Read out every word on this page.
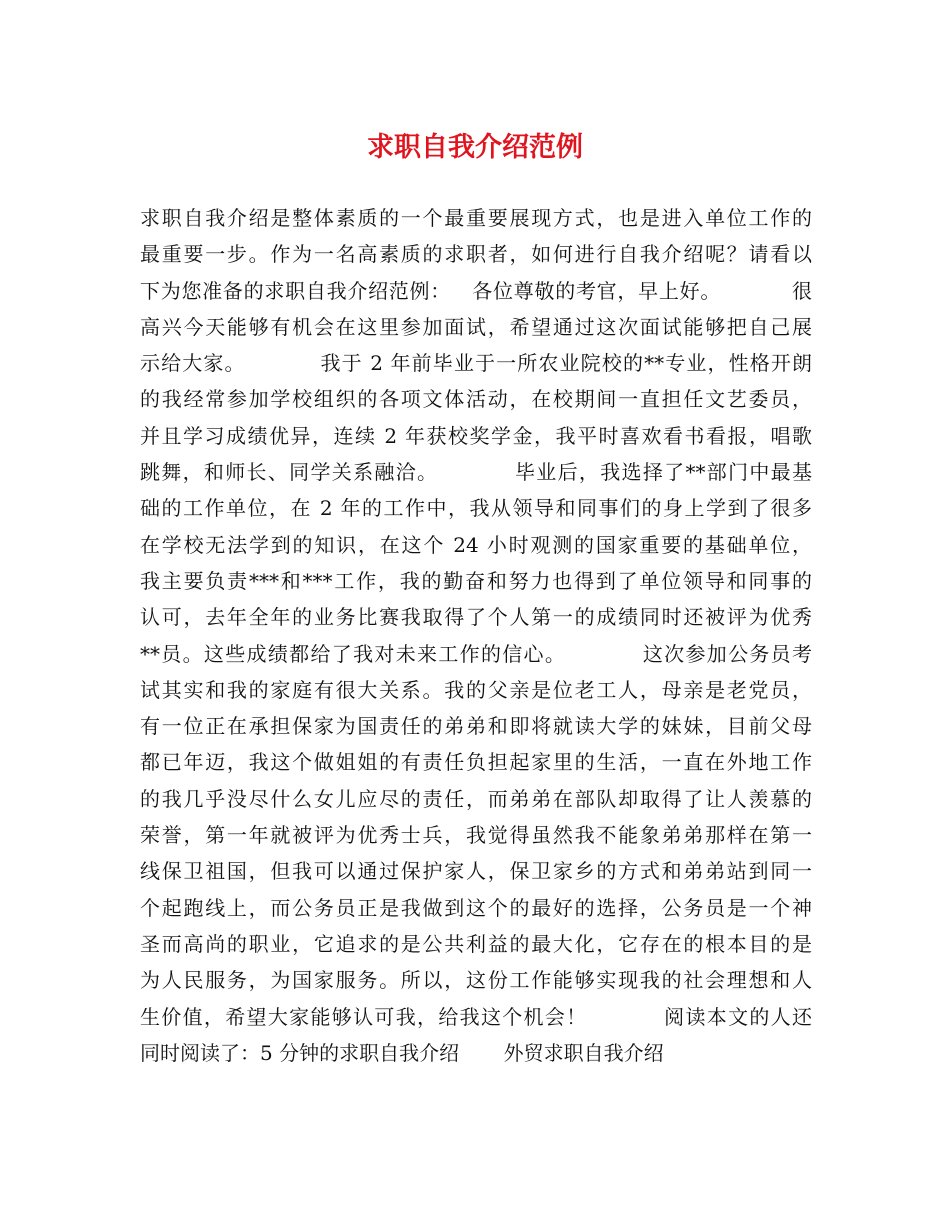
求职自我介绍范例
求职自我介绍是整体素质的一个最重要展现方式，也是进入单位工作的
最重要一步。作为一名高素质的求职者，如何进行自我介绍呢？请看以
下为您准备的求职自我介绍范例：   各位尊敬的考官，早上好。          很
高兴今天能够有机会在这里参加面试，希望通过这次面试能够把自己展
示给大家。          我于 2 年前毕业于一所农业院校的**专业，性格开朗
的我经常参加学校组织的各项文体活动，在校期间一直担任文艺委员，
并且学习成绩优异，连续 2 年获校奖学金，我平时喜欢看书看报，唱歌
跳舞，和师长、同学关系融洽。          毕业后，我选择了**部门中最基
础的工作单位，在 2 年的工作中，我从领导和同事们的身上学到了很多
在学校无法学到的知识，在这个 24 小时观测的国家重要的基础单位，
我主要负责***和***工作，我的勤奋和努力也得到了单位领导和同事的
认可，去年全年的业务比赛我取得了个人第一的成绩同时还被评为优秀
**员。这些成绩都给了我对未来工作的信心。          这次参加公务员考
试其实和我的家庭有很大关系。我的父亲是位老工人，母亲是老党员，
有一位正在承担保家为国责任的弟弟和即将就读大学的妹妹，目前父母
都已年迈，我这个做姐姐的有责任负担起家里的生活，一直在外地工作
的我几乎没尽什么女儿应尽的责任，而弟弟在部队却取得了让人羡慕的
荣誉，第一年就被评为优秀士兵，我觉得虽然我不能象弟弟那样在第一
线保卫祖国，但我可以通过保护家人，保卫家乡的方式和弟弟站到同一
个起跑线上，而公务员正是我做到这个的最好的选择，公务员是一个神
圣而高尚的职业，它追求的是公共利益的最大化，它存在的根本目的是
为人民服务，为国家服务。所以，这份工作能够实现我的社会理想和人
生价值，希望大家能够认可我，给我这个机会！          阅读本文的人还
同时阅读了：5 分钟的求职自我介绍       外贸求职自我介绍
